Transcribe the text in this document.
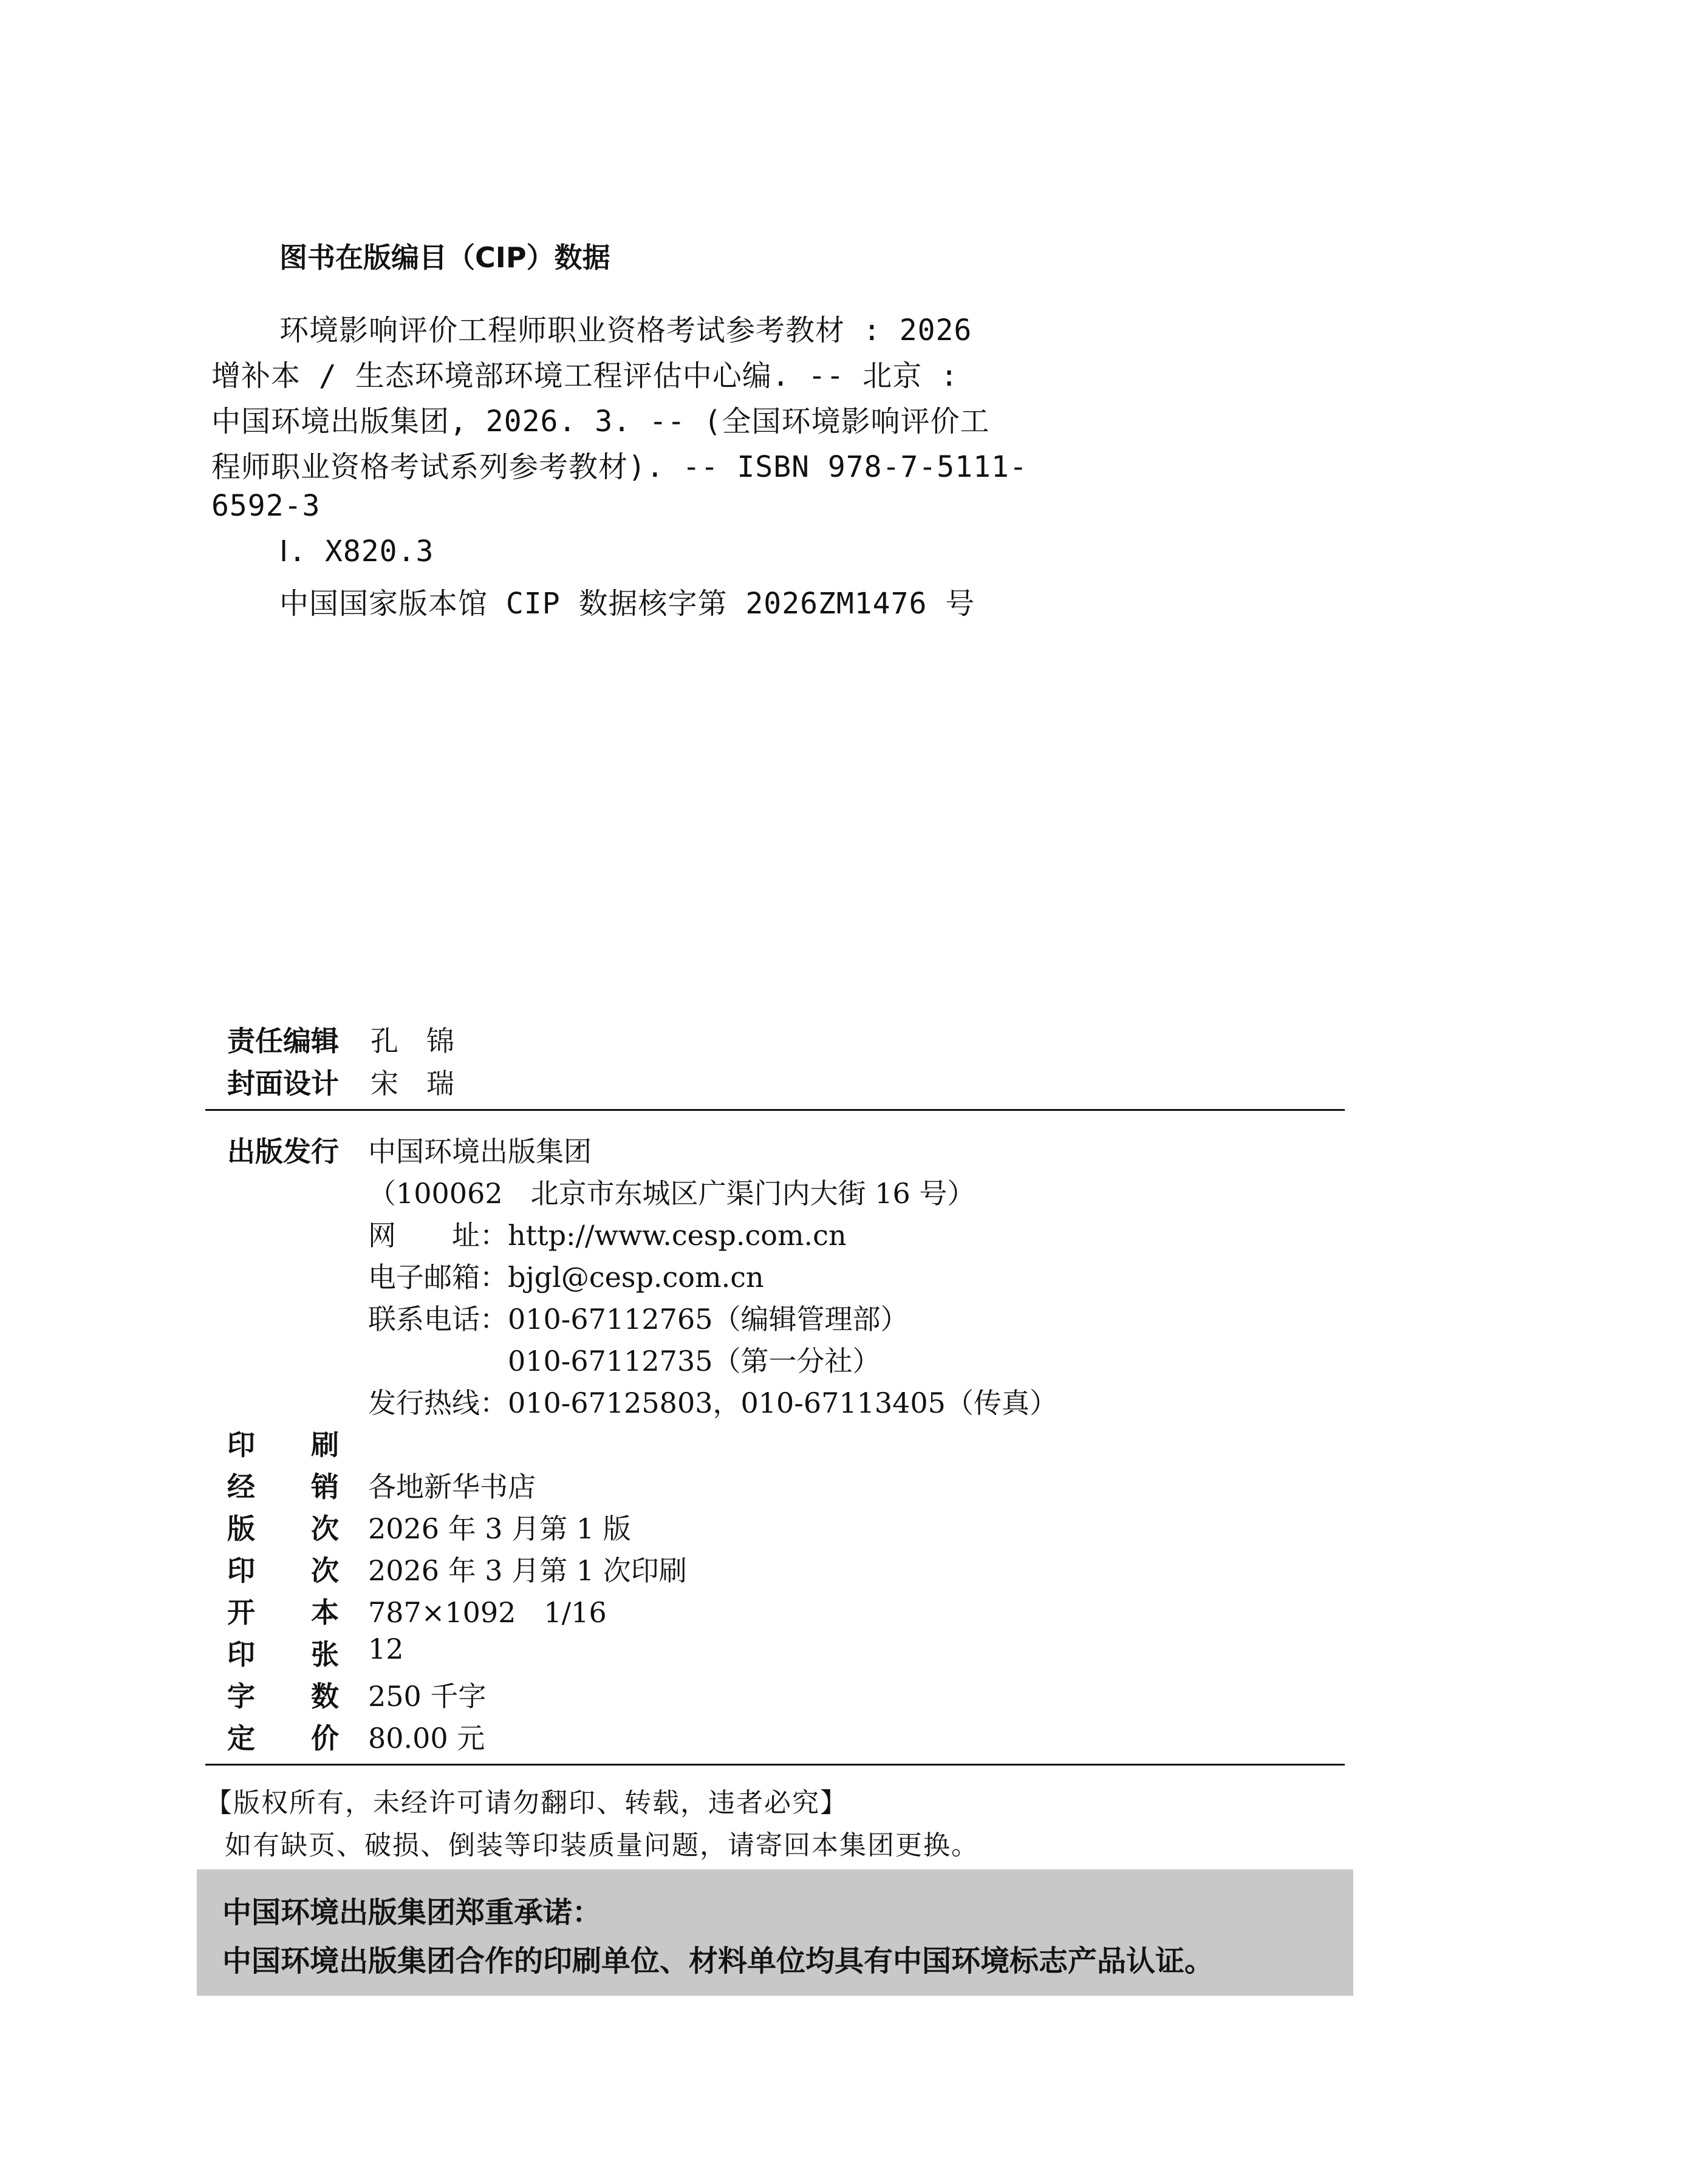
图书在版编目（CIP）数据
环境影响评价工程师职业资格考试参考教材 : 2026
增补本 / 生态环境部环境工程评估中心编. -- 北京 :
中国环境出版集团, 2026. 3. -- (全国环境影响评价工
程师职业资格考试系列参考教材). -- ISBN 978-7-5111-
6592-3
Ⅰ. X820.3
中国国家版本馆 CIP 数据核字第 2026ZM1476 号
责任编辑 孔　锦
封面设计 宋　瑞
出版发行 中国环境出版集团
（100062　北京市东城区广渠门内大街 16 号）
网　　址：http://www.cesp.com.cn
电子邮箱：bjgl@cesp.com.cn
联系电话：010-67112765（编辑管理部）
　　　　　010-67112735（第一分社）
发行热线：010-67125803，010-67113405（传真）
印 刷
经 销 各地新华书店
版 次 2026 年 3 月第 1 版
印 次 2026 年 3 月第 1 次印刷
开 本 787×1092　1/16
印 张 12
字 数 250 千字
定 价 80.00 元
【版权所有，未经许可请勿翻印、转载，违者必究】
如有缺页、破损、倒装等印装质量问题，请寄回本集团更换。
中国环境出版集团郑重承诺：
中国环境出版集团合作的印刷单位、材料单位均具有中国环境标志产品认证。
